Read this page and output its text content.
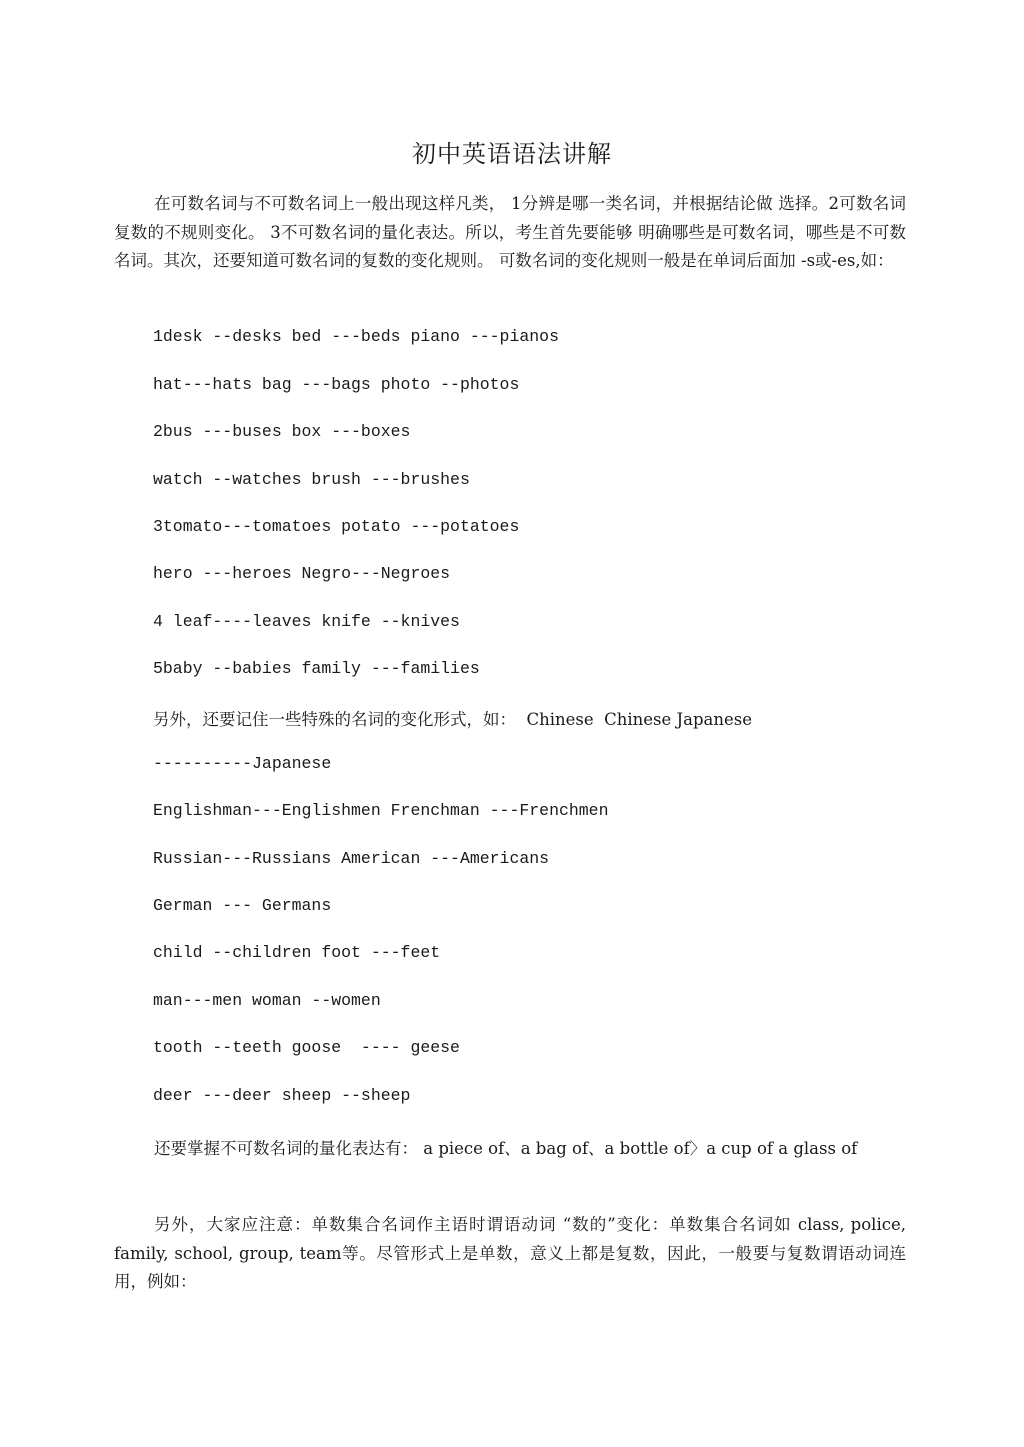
初中英语语法讲解

在可数名词与不可数名词上一般出现这样凡类， 1分辨是哪一类名词，并根据结论做 选择。2可数名词复数的不规则变化。 3不可数名词的量化表达。所以，考生首先要能够 明确哪些是可数名词，哪些是不可数名词。其次，还要知道可数名词的复数的变化规则。 可数名词的变化规则一般是在单词后面加 -s或-es,如：

1desk --desks bed ---beds piano ---pianos
hat---hats bag ---bags photo --photos
2bus ---buses box ---boxes
watch --watches brush ---brushes
3tomato---tomatoes potato ---potatoes
hero ---heroes Negro---Negroes
4 leaf----leaves knife --knives
5baby --babies family ---families
另外，还要记住一些特殊的名词的变化形式，如：  Chinese  Chinese Japanese
----------Japanese
Englishman---Englishmen Frenchman ---Frenchmen
Russian---Russians American ---Americans
German --- Germans
child --children foot ---feet
man---men woman --women
tooth --teeth goose  ---- geese
deer ---deer sheep --sheep

还要掌握不可数名词的量化表达有： a piece of、a bag of、a bottle of〉a cup of a glass of

另外，大家应注意：单数集合名词作主语时谓语动词 “数的”变化：单数集合名词如 class, police, family, school, group, team等。尽管形式上是单数，意义上都是复数，因此，一般要与复数谓语动词连用，例如：
